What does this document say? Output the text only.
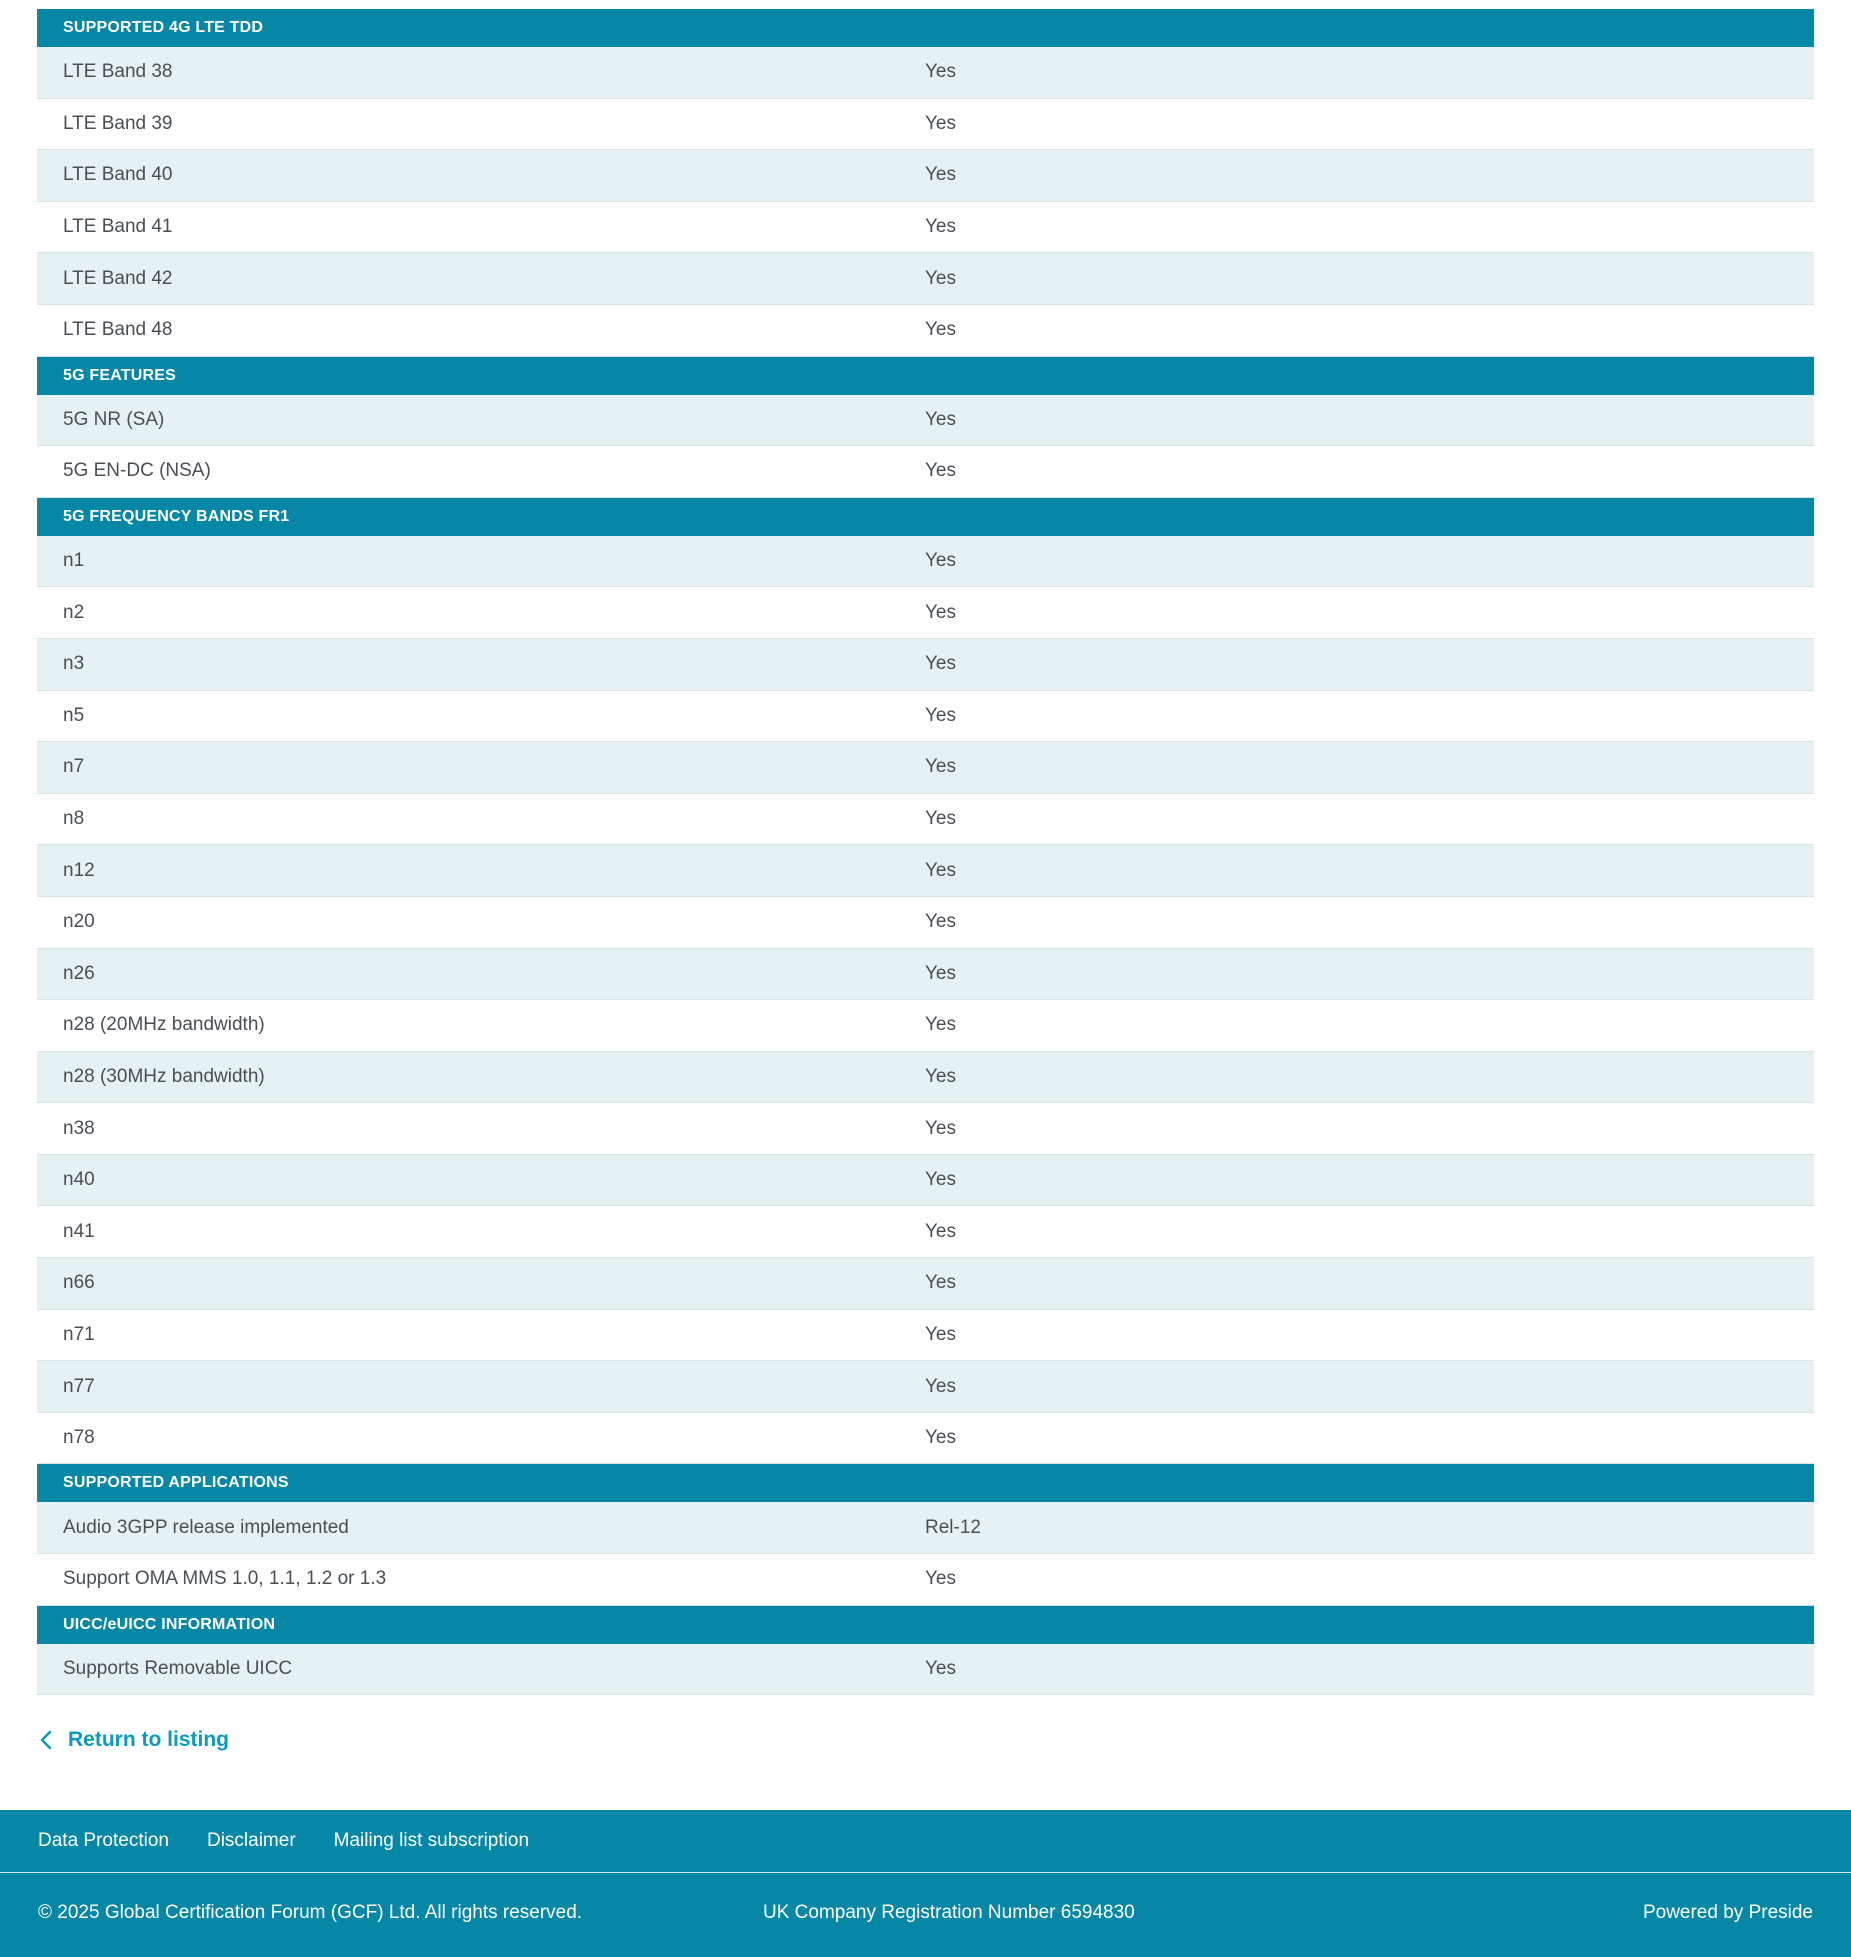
SUPPORTED 4G LTE TDD
LTE Band 38	Yes
LTE Band 39	Yes
LTE Band 40	Yes
LTE Band 41	Yes
LTE Band 42	Yes
LTE Band 48	Yes
5G FEATURES
5G NR (SA)	Yes
5G EN-DC (NSA)	Yes
5G FREQUENCY BANDS FR1
n1	Yes
n2	Yes
n3	Yes
n5	Yes
n7	Yes
n8	Yes
n12	Yes
n20	Yes
n26	Yes
n28 (20MHz bandwidth)	Yes
n28 (30MHz bandwidth)	Yes
n38	Yes
n40	Yes
n41	Yes
n66	Yes
n71	Yes
n77	Yes
n78	Yes
SUPPORTED APPLICATIONS
Audio 3GPP release implemented	Rel-12
Support OMA MMS 1.0, 1.1, 1.2 or 1.3	Yes
UICC/eUICC INFORMATION
Supports Removable UICC	Yes
Return to listing
Data Protection Disclaimer Mailing list subscription
© 2025 Global Certification Forum (GCF) Ltd. All rights reserved.	UK Company Registration Number 6594830	Powered by Preside
